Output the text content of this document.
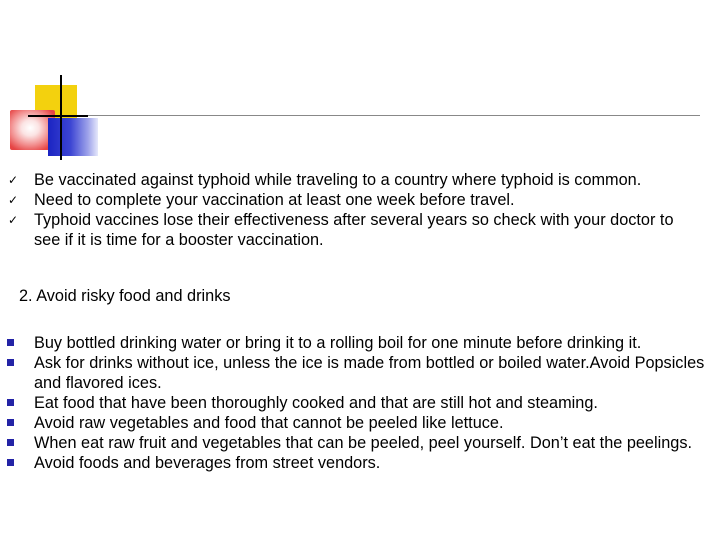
✓ Be vaccinated against typhoid while traveling to a country where typhoid is common.
✓ Need to complete your vaccination at least one week before travel.
✓ Typhoid vaccines lose their effectiveness after several years so check with your doctor to see if it is time for a booster vaccination.
2. Avoid risky food and drinks
Buy bottled drinking water or bring it to a rolling boil for one minute before drinking it.
Ask for drinks without ice, unless the ice is made from bottled or boiled water.Avoid Popsicles and flavored ices.
Eat food that have been thoroughly cooked and that are still hot and steaming.
Avoid raw vegetables and food that cannot be peeled like lettuce.
When eat raw fruit and vegetables that can be peeled, peel yourself. Don’t eat the peelings.
Avoid foods and beverages from street vendors.
